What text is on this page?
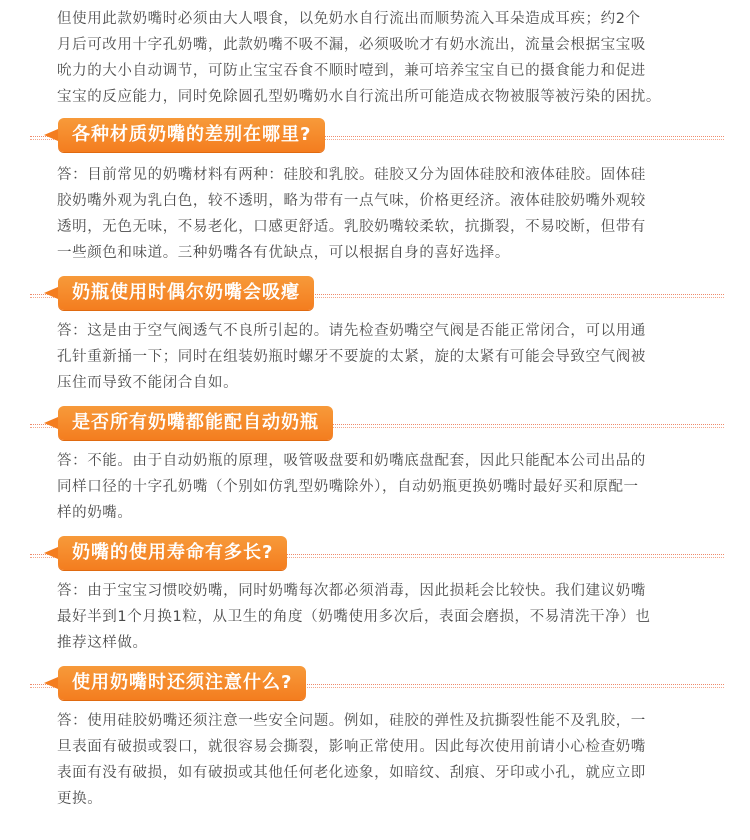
但使用此款奶嘴时必须由大人喂食，以免奶水自行流出而顺势流入耳朵造成耳疾；约2个
月后可改用十字孔奶嘴，此款奶嘴不吸不漏，必须吸吮才有奶水流出，流量会根据宝宝吸
吮力的大小自动调节，可防止宝宝吞食不顺时噎到，兼可培养宝宝自已的摄食能力和促进
宝宝的反应能力，同时免除圆孔型奶嘴奶水自行流出所可能造成衣物被服等被污染的困扰。
各种材质奶嘴的差别在哪里?
答：目前常见的奶嘴材料有两种：硅胶和乳胶。硅胶又分为固体硅胶和液体硅胶。固体硅
胶奶嘴外观为乳白色，较不透明，略为带有一点气味，价格更经济。液体硅胶奶嘴外观较
透明，无色无味，不易老化，口感更舒适。乳胶奶嘴较柔软，抗撕裂，不易咬断，但带有
一些颜色和味道。三种奶嘴各有优缺点，可以根据自身的喜好选择。
奶瓶使用时偶尔奶嘴会吸瘪
答：这是由于空气阀透气不良所引起的。请先检查奶嘴空气阀是否能正常闭合，可以用通
孔针重新捅一下；同时在组装奶瓶时螺牙不要旋的太紧，旋的太紧有可能会导致空气阀被
压住而导致不能闭合自如。
是否所有奶嘴都能配自动奶瓶
答：不能。由于自动奶瓶的原理，吸管吸盘要和奶嘴底盘配套，因此只能配本公司出品的
同样口径的十字孔奶嘴（个别如仿乳型奶嘴除外），自动奶瓶更换奶嘴时最好买和原配一
样的奶嘴。
奶嘴的使用寿命有多长?
答：由于宝宝习惯咬奶嘴，同时奶嘴每次都必须消毒，因此损耗会比较快。我们建议奶嘴
最好半到1个月换1粒，从卫生的角度（奶嘴使用多次后，表面会磨损，不易清洗干净）也
推荐这样做。
使用奶嘴时还须注意什么?
答：使用硅胶奶嘴还须注意一些安全问题。例如，硅胶的弹性及抗撕裂性能不及乳胶，一
旦表面有破损或裂口，就很容易会撕裂，影响正常使用。因此每次使用前请小心检查奶嘴
表面有没有破损，如有破损或其他任何老化迹象，如暗纹、刮痕、牙印或小孔，就应立即
更换。
